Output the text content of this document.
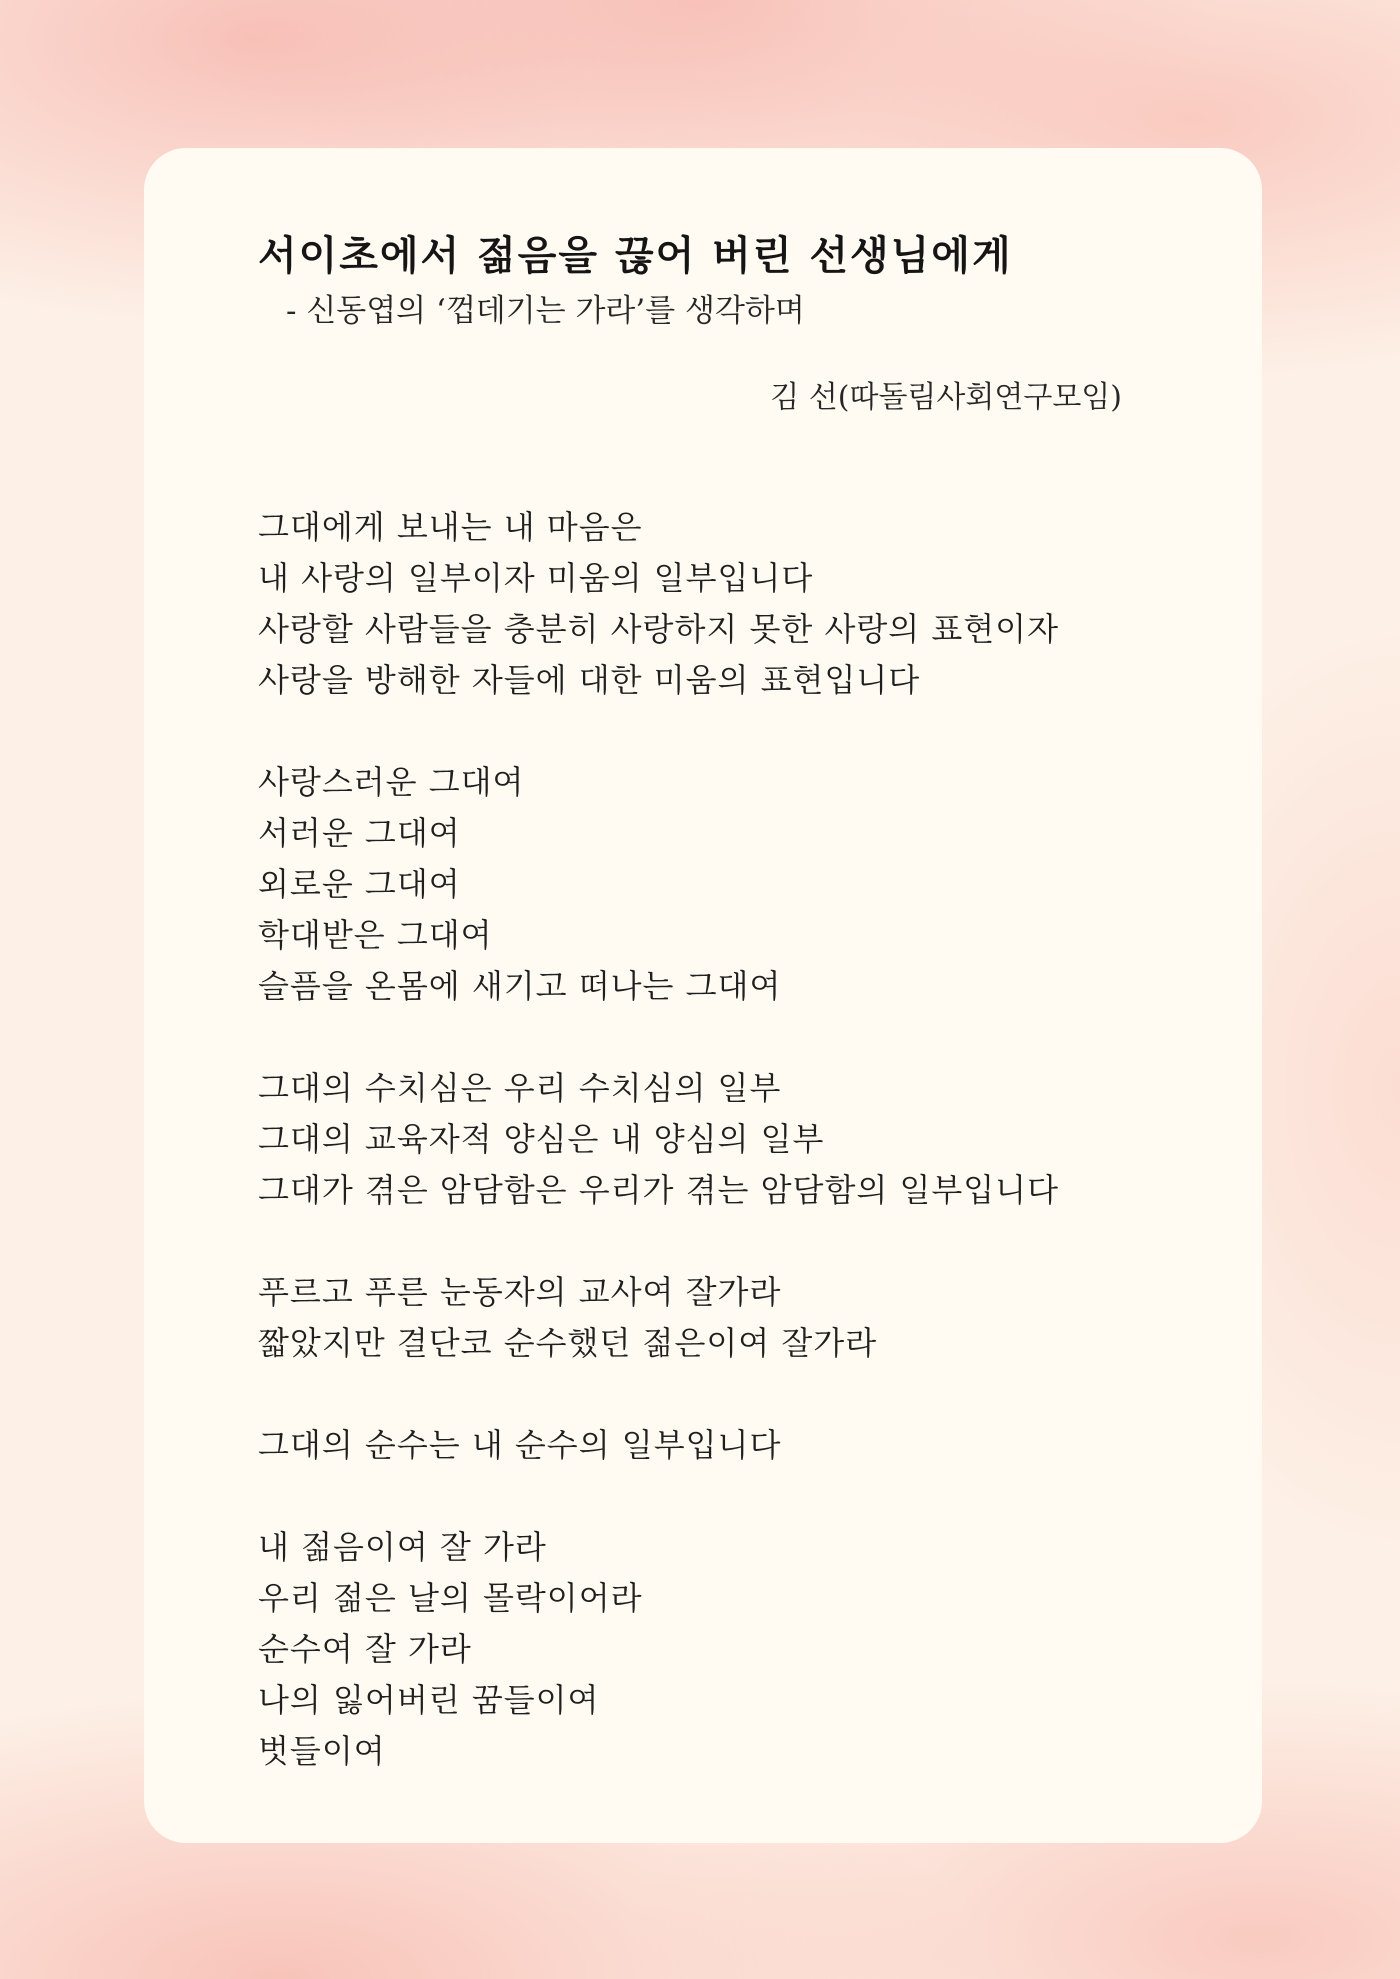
서이초에서 젊음을 끊어 버린 선생님에게
- 신동엽의 ‘껍데기는 가라’를 생각하며
김 선(따돌림사회연구모임)
그대에게 보내는 내 마음은
내 사랑의 일부이자 미움의 일부입니다
사랑할 사람들을 충분히 사랑하지 못한 사랑의 표현이자
사랑을 방해한 자들에 대한 미움의 표현입니다
사랑스러운 그대여
서러운 그대여
외로운 그대여
학대받은 그대여
슬픔을 온몸에 새기고 떠나는 그대여
그대의 수치심은 우리 수치심의 일부
그대의 교육자적 양심은 내 양심의 일부
그대가 겪은 암담함은 우리가 겪는 암담함의 일부입니다
푸르고 푸른 눈동자의 교사여 잘가라
짧았지만 결단코 순수했던 젊은이여 잘가라
그대의 순수는 내 순수의 일부입니다
내 젊음이여 잘 가라
우리 젊은 날의 몰락이어라
순수여 잘 가라
나의 잃어버린 꿈들이여
벗들이여
